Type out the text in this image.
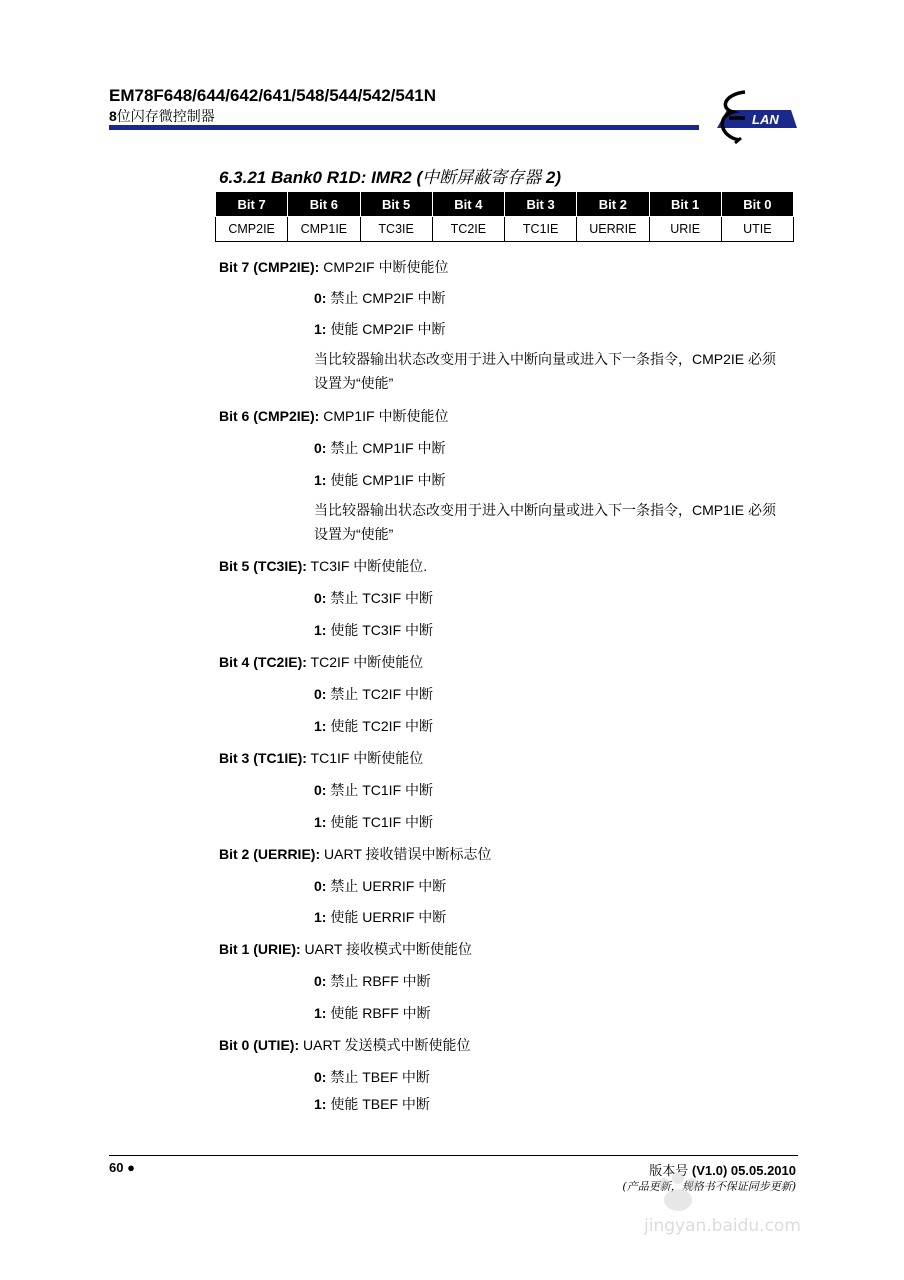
EM78F648/644/642/641/548/544/542/541N
8位闪存微控制器	LAN
6.3.21 Bank0 R1D: IMR2 (中断屏蔽寄存器 2)
Bit 7	Bit 6	Bit 5	Bit 4	Bit 3	Bit 2	Bit 1	Bit 0
CMP2IE	CMP1IE	TC3IE	TC2IE	TC1IE	UERRIE	URIE	UTIE
Bit 7 (CMP2IE): CMP2IF 中断使能位
0: 禁止 CMP2IF 中断
1: 使能 CMP2IF 中断
当比较器输出状态改变用于进入中断向量或进入下一条指令，CMP2IE 必须设置为“使能”
Bit 6 (CMP2IE): CMP1IF 中断使能位
0: 禁止 CMP1IF 中断
1: 使能 CMP1IF 中断
当比较器输出状态改变用于进入中断向量或进入下一条指令，CMP1IE 必须设置为“使能”
Bit 5 (TC3IE): TC3IF 中断使能位.
0: 禁止 TC3IF 中断
1: 使能 TC3IF 中断
Bit 4 (TC2IE): TC2IF 中断使能位
0: 禁止 TC2IF 中断
1: 使能 TC2IF 中断
Bit 3 (TC1IE): TC1IF 中断使能位
0: 禁止 TC1IF 中断
1: 使能 TC1IF 中断
Bit 2 (UERRIE): UART 接收错误中断标志位
0: 禁止 UERRIF 中断
1: 使能 UERRIF 中断
Bit 1 (URIE): UART 接收模式中断使能位
0: 禁止 RBFF 中断
1: 使能 RBFF 中断
Bit 0 (UTIE): UART 发送模式中断使能位
0: 禁止 TBEF 中断
1: 使能 TBEF 中断
60 ●	版本号 (V1.0) 05.05.2010
(产品更新，规格书不保证同步更新)
jingyan.baidu.com
